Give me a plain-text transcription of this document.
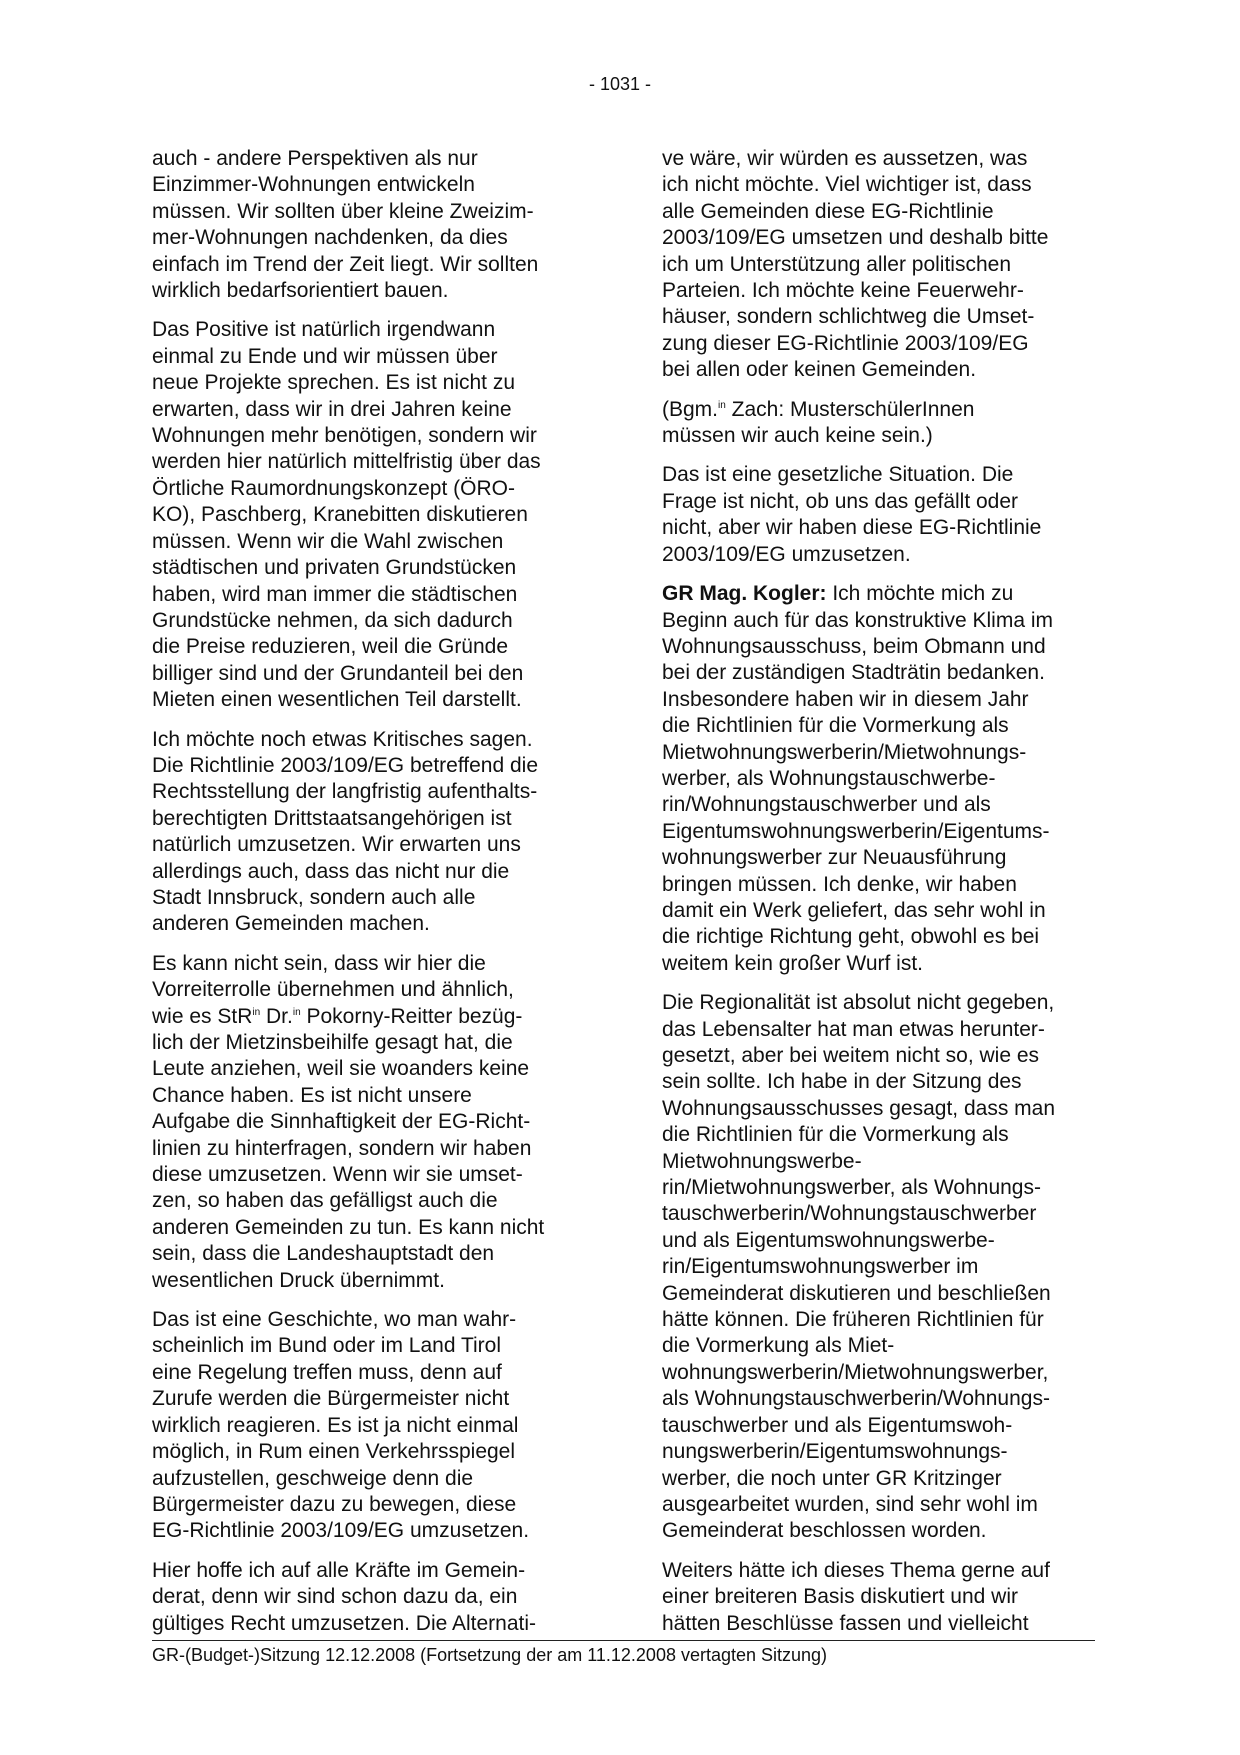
- 1031 -

auch - andere Perspektiven als nur
Einzimmer-Wohnungen entwickeln
müssen. Wir sollten über kleine Zweizim-
mer-Wohnungen nachdenken, da dies
einfach im Trend der Zeit liegt. Wir sollten
wirklich bedarfsorientiert bauen.

Das Positive ist natürlich irgendwann
einmal zu Ende und wir müssen über
neue Projekte sprechen. Es ist nicht zu
erwarten, dass wir in drei Jahren keine
Wohnungen mehr benötigen, sondern wir
werden hier natürlich mittelfristig über das
Örtliche Raumordnungskonzept (ÖRO-
KO), Paschberg, Kranebitten diskutieren
müssen. Wenn wir die Wahl zwischen
städtischen und privaten Grundstücken
haben, wird man immer die städtischen
Grundstücke nehmen, da sich dadurch
die Preise reduzieren, weil die Gründe
billiger sind und der Grundanteil bei den
Mieten einen wesentlichen Teil darstellt.

Ich möchte noch etwas Kritisches sagen.
Die Richtlinie 2003/109/EG betreffend die
Rechtsstellung der langfristig aufenthalts-
berechtigten Drittstaatsangehörigen ist
natürlich umzusetzen. Wir erwarten uns
allerdings auch, dass das nicht nur die
Stadt Innsbruck, sondern auch alle
anderen Gemeinden machen.

Es kann nicht sein, dass wir hier die
Vorreiterrolle übernehmen und ähnlich,
wie es StR$^{in}$ Dr.$^{in}$ Pokorny-Reitter bezüg-
lich der Mietzinsbeihilfe gesagt hat, die
Leute anziehen, weil sie woanders keine
Chance haben. Es ist nicht unsere
Aufgabe die Sinnhaftigkeit der EG-Richt-
linien zu hinterfragen, sondern wir haben
diese umzusetzen. Wenn wir sie umset-
zen, so haben das gefälligst auch die
anderen Gemeinden zu tun. Es kann nicht
sein, dass die Landeshauptstadt den
wesentlichen Druck übernimmt.

Das ist eine Geschichte, wo man wahr-
scheinlich im Bund oder im Land Tirol
eine Regelung treffen muss, denn auf
Zurufe werden die Bürgermeister nicht
wirklich reagieren. Es ist ja nicht einmal
möglich, in Rum einen Verkehrsspiegel
aufzustellen, geschweige denn die
Bürgermeister dazu zu bewegen, diese
EG-Richtlinie 2003/109/EG umzusetzen.

Hier hoffe ich auf alle Kräfte im Gemein-
derat, denn wir sind schon dazu da, ein
gültiges Recht umzusetzen. Die Alternati-

ve wäre, wir würden es aussetzen, was
ich nicht möchte. Viel wichtiger ist, dass
alle Gemeinden diese EG-Richtlinie
2003/109/EG umsetzen und deshalb bitte
ich um Unterstützung aller politischen
Parteien. Ich möchte keine Feuerwehr-
häuser, sondern schlichtweg die Umset-
zung dieser EG-Richtlinie 2003/109/EG
bei allen oder keinen Gemeinden.

(Bgm.$^{in}$ Zach: MusterschülerInnen
müssen wir auch keine sein.)

Das ist eine gesetzliche Situation. Die
Frage ist nicht, ob uns das gefällt oder
nicht, aber wir haben diese EG-Richtlinie
2003/109/EG umzusetzen.

GR Mag. Kogler: Ich möchte mich zu
Beginn auch für das konstruktive Klima im
Wohnungsausschuss, beim Obmann und
bei der zuständigen Stadträtin bedanken.
Insbesondere haben wir in diesem Jahr
die Richtlinien für die Vormerkung als
Mietwohnungswerberin/Mietwohnungs-
werber, als Wohnungstauschwerbe-
rin/Wohnungstauschwerber und als
Eigentumswohnungswerberin/Eigentums-
wohnungswerber zur Neuausführung
bringen müssen. Ich denke, wir haben
damit ein Werk geliefert, das sehr wohl in
die richtige Richtung geht, obwohl es bei
weitem kein großer Wurf ist.

Die Regionalität ist absolut nicht gegeben,
das Lebensalter hat man etwas herunter-
gesetzt, aber bei weitem nicht so, wie es
sein sollte. Ich habe in der Sitzung des
Wohnungsausschusses gesagt, dass man
die Richtlinien für die Vormerkung als
Mietwohnungswerbe-
rin/Mietwohnungswerber, als Wohnungs-
tauschwerberin/Wohnungstauschwerber
und als Eigentumswohnungswerbe-
rin/Eigentumswohnungswerber im
Gemeinderat diskutieren und beschließen
hätte können. Die früheren Richtlinien für
die Vormerkung als Miet-
wohnungswerberin/Mietwohnungswerber,
als Wohnungstauschwerberin/Wohnungs-
tauschwerber und als Eigentumswoh-
nungswerberin/Eigentumswohnungs-
werber, die noch unter GR Kritzinger
ausgearbeitet wurden, sind sehr wohl im
Gemeinderat beschlossen worden.

Weiters hätte ich dieses Thema gerne auf
einer breiteren Basis diskutiert und wir
hätten Beschlüsse fassen und vielleicht

GR-(Budget-)Sitzung 12.12.2008 (Fortsetzung der am 11.12.2008 vertagten Sitzung)
